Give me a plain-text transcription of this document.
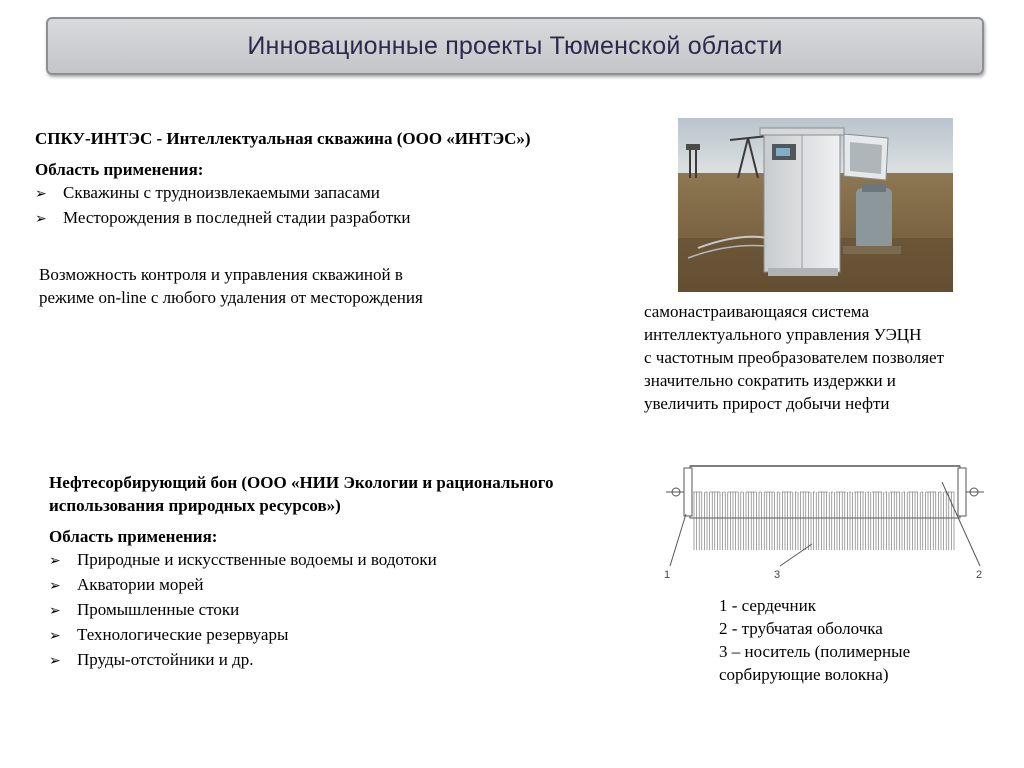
Инновационные проекты Тюменской области
СПКУ-ИНТЭС - Интеллектуальная скважина (ООО «ИНТЭС»)
Область применения:
➢ Скважины с трудноизвлекаемыми запасами
➢ Месторождения в последней стадии разработки
Возможность контроля и управления скважиной в
режиме on-line с любого удаления от месторождения
самонастраивающаяся система
интеллектуального управления УЭЦН
с частотным преобразователем позволяет
значительно сократить издержки и
увеличить прирост добычи нефти
Нефтесорбирующий бон (ООО «НИИ Экологии и рационального
использования природных ресурсов»)
Область применения:
➢ Природные и искусственные водоемы и водотоки
➢ Акватории морей
➢ Промышленные стоки
➢ Технологические резервуары
➢ Пруды-отстойники и др.
1	3	2
1 - сердечник
2 - трубчатая оболочка
3 – носитель (полимерные
сорбирующие волокна)
